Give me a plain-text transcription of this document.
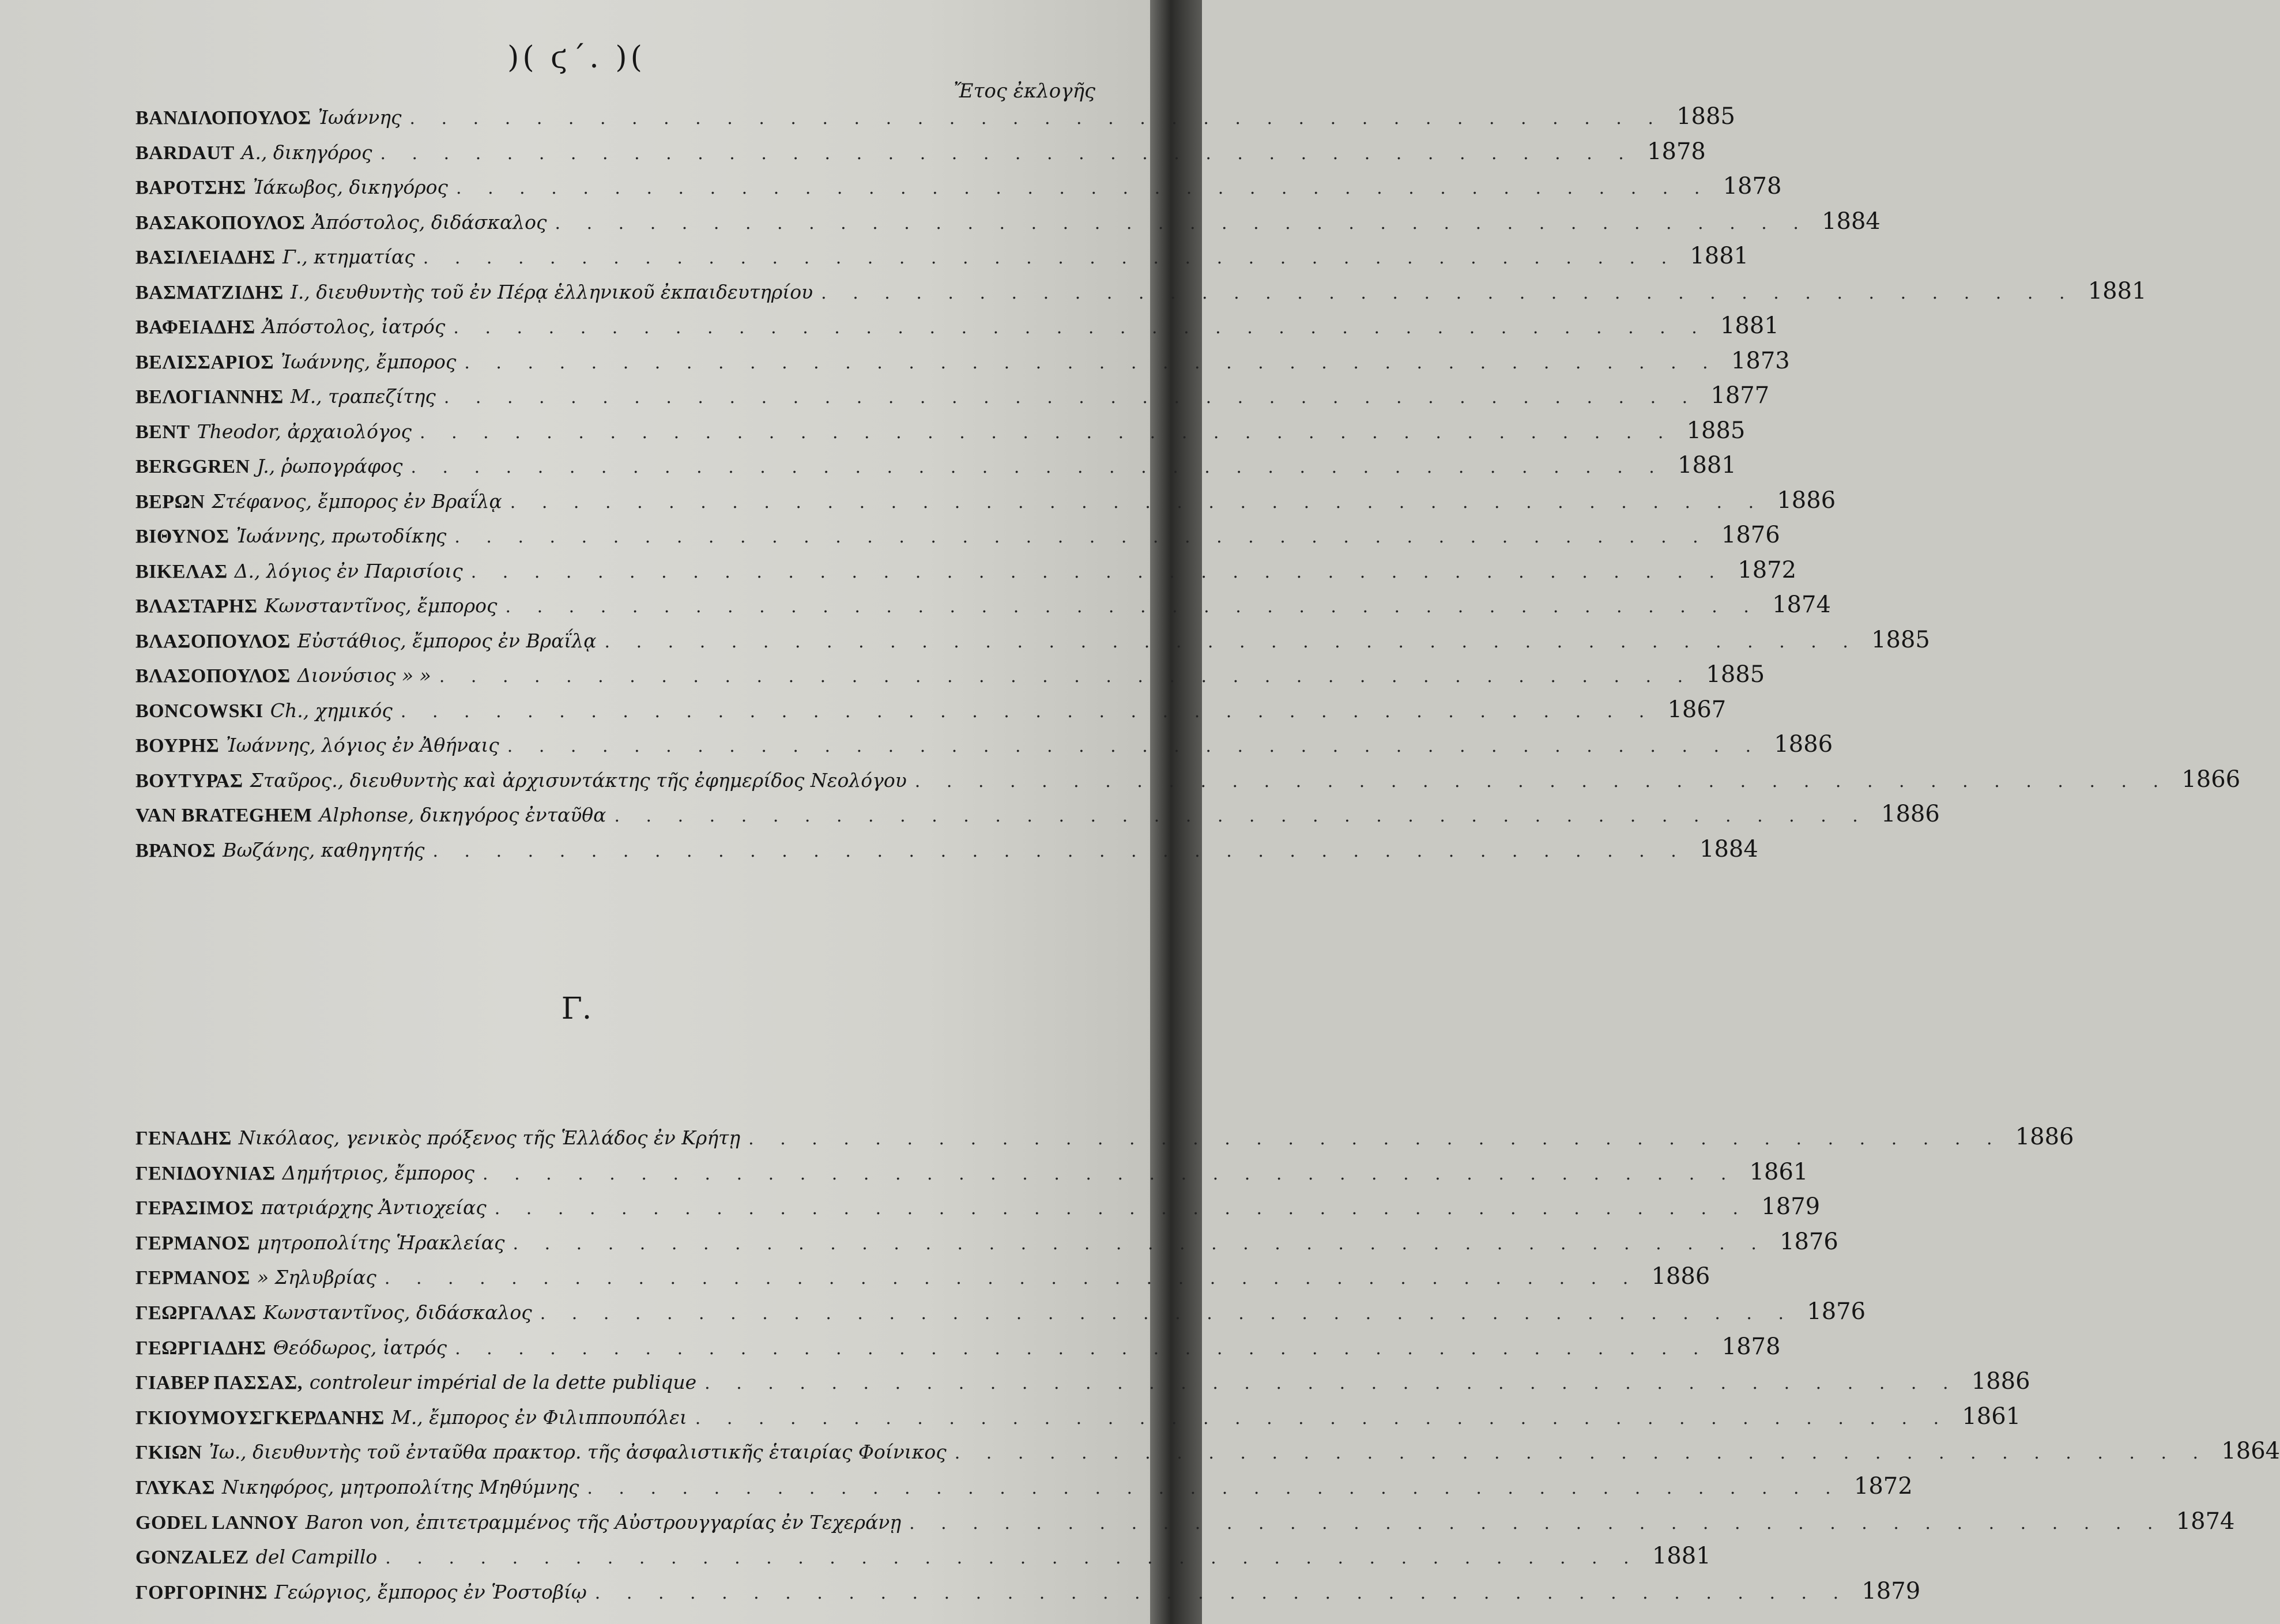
)( ϛ΄. )(
Ἔτος ἐκλογῆς
ΒΑΝΔΙΛΟΠΟΥΛΟΣ Ἰωάννης . . . . . . . . . . . . . . . . . . . . . . . . . . . . . . . . . . . . . . . . 1885
BARDAUT A., δικηγόρος . . . . . . . . . . . . . . . . . . . . . . . . . . . . . . . . . . . . . . . . 1878
ΒΑΡΟΤΣΗΣ Ἰάκωβος, δικηγόρος . . . . . . . . . . . . . . . . . . . . . . . . . . . . . . . . . . . . . . . . 1878
ΒΑΣΑΚΟΠΟΥΛΟΣ Ἀπόστολος, διδάσκαλος . . . . . . . . . . . . . . . . . . . . . . . . . . . . . . . . . . . . . . . . 1884
ΒΑΣΙΛΕΙΑΔΗΣ Γ., κτηματίας . . . . . . . . . . . . . . . . . . . . . . . . . . . . . . . . . . . . . . . . 1881
ΒΑΣΜΑΤΖΙΔΗΣ I., διευθυντὴς τοῦ ἐν Πέρᾳ ἑλληνικοῦ ἐκπαιδευτηρίου . . . . . . . . . . . . . . . . . . . . . . . . . . . . . . . . . . . . . . . . 1881
ΒΑΦΕΙΑΔΗΣ Ἀπόστολος, ἰατρός . . . . . . . . . . . . . . . . . . . . . . . . . . . . . . . . . . . . . . . . 1881
ΒΕΛΙΣΣΑΡΙΟΣ Ἰωάννης, ἔμπορος . . . . . . . . . . . . . . . . . . . . . . . . . . . . . . . . . . . . . . . . 1873
ΒΕΛΟΓΙΑΝΝΗΣ Μ., τραπεζίτης . . . . . . . . . . . . . . . . . . . . . . . . . . . . . . . . . . . . . . . . 1877
BENT Theodor, ἀρχαιολόγος . . . . . . . . . . . . . . . . . . . . . . . . . . . . . . . . . . . . . . . . 1885
BERGGREN J., ῥωπογράφος . . . . . . . . . . . . . . . . . . . . . . . . . . . . . . . . . . . . . . . . 1881
ΒΕΡΩΝ Στέφανος, ἔμπορος ἐν Βραΐλᾳ . . . . . . . . . . . . . . . . . . . . . . . . . . . . . . . . . . . . . . . . 1886
ΒΙΘΥΝΟΣ Ἰωάννης, πρωτοδίκης . . . . . . . . . . . . . . . . . . . . . . . . . . . . . . . . . . . . . . . . 1876
ΒΙΚΕΛΑΣ Δ., λόγιος ἐν Παρισίοις . . . . . . . . . . . . . . . . . . . . . . . . . . . . . . . . . . . . . . . . 1872
ΒΛΑΣΤΑΡΗΣ Κωνσταντῖνος, ἔμπορος . . . . . . . . . . . . . . . . . . . . . . . . . . . . . . . . . . . . . . . . 1874
ΒΛΑΣΟΠΟΥΛΟΣ Εὐστάθιος, ἔμπορος ἐν Βραΐλᾳ . . . . . . . . . . . . . . . . . . . . . . . . . . . . . . . . . . . . . . . . 1885
ΒΛΑΣΟΠΟΥΛΟΣ Διονύσιος » » . . . . . . . . . . . . . . . . . . . . . . . . . . . . . . . . . . . . . . . . 1885
BONCOWSKI Ch., χημικός . . . . . . . . . . . . . . . . . . . . . . . . . . . . . . . . . . . . . . . . 1867
ΒΟΥΡΗΣ Ἰωάννης, λόγιος ἐν Ἀθήναις . . . . . . . . . . . . . . . . . . . . . . . . . . . . . . . . . . . . . . . . 1886
ΒΟΥΤΥΡΑΣ Σταῦρος., διευθυντὴς καὶ ἀρχισυντάκτης τῆς ἐφημερίδος Νεολόγου . . . . . . . . . . . . . . . . . . . . . . . . . . . . . . . . . . . . . . . . 1866
VAN BRATEGHEM Alphonse, δικηγόρος ἐνταῦθα . . . . . . . . . . . . . . . . . . . . . . . . . . . . . . . . . . . . . . . . 1886
ΒΡΑΝΟΣ Βωζάνης, καθηγητής . . . . . . . . . . . . . . . . . . . . . . . . . . . . . . . . . . . . . . . . 1884
Γ.
ΓΕΝΑΔΗΣ Νικόλαος, γενικὸς πρόξενος τῆς Ἑλλάδος ἐν Κρήτῃ . . . . . . . . . . . . . . . . . . . . . . . . . . . . . . . . . . . . . . . . 1886
ΓΕΝΙΔΟΥΝΙΑΣ Δημήτριος, ἔμπορος . . . . . . . . . . . . . . . . . . . . . . . . . . . . . . . . . . . . . . . . 1861
ΓΕΡΑΣΙΜΟΣ πατριάρχης Ἀντιοχείας . . . . . . . . . . . . . . . . . . . . . . . . . . . . . . . . . . . . . . . . 1879
ΓΕΡΜΑΝΟΣ μητροπολίτης Ἡρακλείας . . . . . . . . . . . . . . . . . . . . . . . . . . . . . . . . . . . . . . . . 1876
ΓΕΡΜΑΝΟΣ » Σηλυβρίας . . . . . . . . . . . . . . . . . . . . . . . . . . . . . . . . . . . . . . . . 1886
ΓΕΩΡΓΑΛΑΣ Κωνσταντῖνος, διδάσκαλος . . . . . . . . . . . . . . . . . . . . . . . . . . . . . . . . . . . . . . . . 1876
ΓΕΩΡΓΙΑΔΗΣ Θεόδωρος, ἰατρός . . . . . . . . . . . . . . . . . . . . . . . . . . . . . . . . . . . . . . . . 1878
ΓΙΑΒΕΡ ΠΑΣΣΑΣ, controleur impérial de la dette publique . . . . . . . . . . . . . . . . . . . . . . . . . . . . . . . . . . . . . . . . 1886
ΓΚΙΟΥΜΟΥΣΓΚΕΡΔΑΝΗΣ Μ., ἔμπορος ἐν Φιλιππουπόλει . . . . . . . . . . . . . . . . . . . . . . . . . . . . . . . . . . . . . . . . 1861
ΓΚΙΩΝ Ἰω., διευθυντὴς τοῦ ἐνταῦθα πρακτορ. τῆς ἀσφαλιστικῆς ἑταιρίας Φοίνικος . . . . . . . . . . . . . . . . . . . . . . . . . . . . . . . . . . . . . . . . 1864
ΓΛΥΚΑΣ Νικηφόρος, μητροπολίτης Μηθύμνης . . . . . . . . . . . . . . . . . . . . . . . . . . . . . . . . . . . . . . . . 1872
GODEL LANNOY Baron von, ἐπιτετραμμένος τῆς Αὐστρουγγαρίας ἐν Τεχεράνῃ . . . . . . . . . . . . . . . . . . . . . . . . . . . . . . . . . . . . . . . . 1874
GONZALEZ del Campillo . . . . . . . . . . . . . . . . . . . . . . . . . . . . . . . . . . . . . . . . 1881
ΓΟΡΓΟΡΙΝΗΣ Γεώργιος, ἔμπορος ἐν Ῥοστοβίῳ . . . . . . . . . . . . . . . . . . . . . . . . . . . . . . . . . . . . . . . . 1879
